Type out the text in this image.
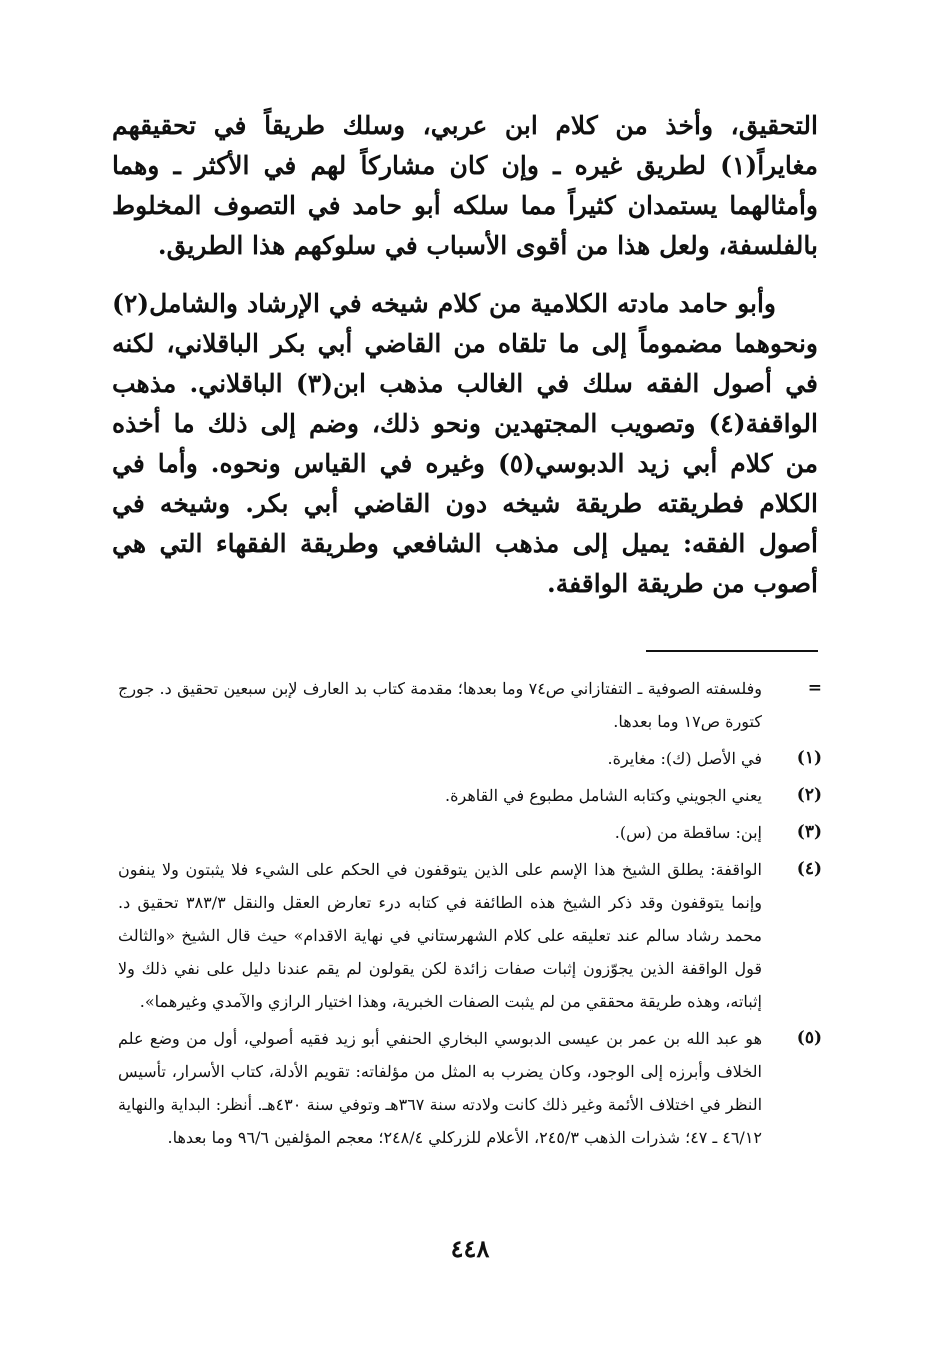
التحقيق، وأخذ من كلام ابن عربي، وسلك طريقاً في تحقيقهم مغايراً(١) لطريق غيره ـ وإن كان مشاركاً لهم في الأكثر ـ وهما وأمثالهما يستمدان كثيراً مما سلكه أبو حامد في التصوف المخلوط بالفلسفة، ولعل هذا من أقوى الأسباب في سلوكهم هذا الطريق.

وأبو حامد مادته الكلامية من كلام شيخه في الإرشاد والشامل(٢) ونحوهما مضموماً إلى ما تلقاه من القاضي أبي بكر الباقلاني، لكنه في أصول الفقه سلك في الغالب مذهب ابن(٣) الباقلاني. مذهب الواقفة(٤) وتصويب المجتهدين ونحو ذلك، وضم إلى ذلك ما أخذه من كلام أبي زيد الدبوسي(٥) وغيره في القياس ونحوه. وأما في الكلام فطريقته طريقة شيخه دون القاضي أبي بكر. وشيخه في أصول الفقه: يميل إلى مذهب الشافعي وطريقة الفقهاء التي هي أصوب من طريقة الواقفة.

=
وفلسفته الصوفية ـ التفتازاني ص٧٤ وما بعدها؛ مقدمة كتاب بد العارف لإبن سبعين تحقيق د. جورج كتورة ص١٧ وما بعدها.
(١)
في الأصل (ك): مغايرة.
(٢)
يعني الجويني وكتابه الشامل مطبوع في القاهرة.
(٣)
إبن: ساقطة من (س).
(٤)
الواقفة: يطلق الشيخ هذا الإسم على الذين يتوقفون في الحكم على الشيء فلا يثبتون ولا ينفون وإنما يتوقفون وقد ذكر الشيخ هذه الطائفة في كتابه درء تعارض العقل والنقل ٣٨٣/٣ تحقيق د. محمد رشاد سالم عند تعليقه على كلام الشهرستاني في نهاية الاقدام» حيث قال الشيخ «والثالث قول الواقفة الذين يجوّزون إثبات صفات زائدة لكن يقولون لم يقم عندنا دليل على نفي ذلك ولا إثباته، وهذه طريقة محققي من لم يثبت الصفات الخبرية، وهذا اختيار الرازي والآمدي وغيرهما».
(٥)
هو عبد الله بن عمر بن عيسى الدبوسي البخاري الحنفي أبو زيد فقيه أصولي، أول من وضع علم الخلاف وأبرزه إلى الوجود، وكان يضرب به المثل من مؤلفاته: تقويم الأدلة، كتاب الأسرار، تأسيس النظر في اختلاف الأئمة وغير ذلك كانت ولادته سنة ٣٦٧هـ وتوفي سنة ٤٣٠هـ. أنظر: البداية والنهاية ٤٦/١٢ ـ ٤٧؛ شذرات الذهب ٢٤٥/٣، الأعلام للزركلي ٢٤٨/٤؛ معجم المؤلفين ٩٦/٦ وما بعدها.
٤٤٨
